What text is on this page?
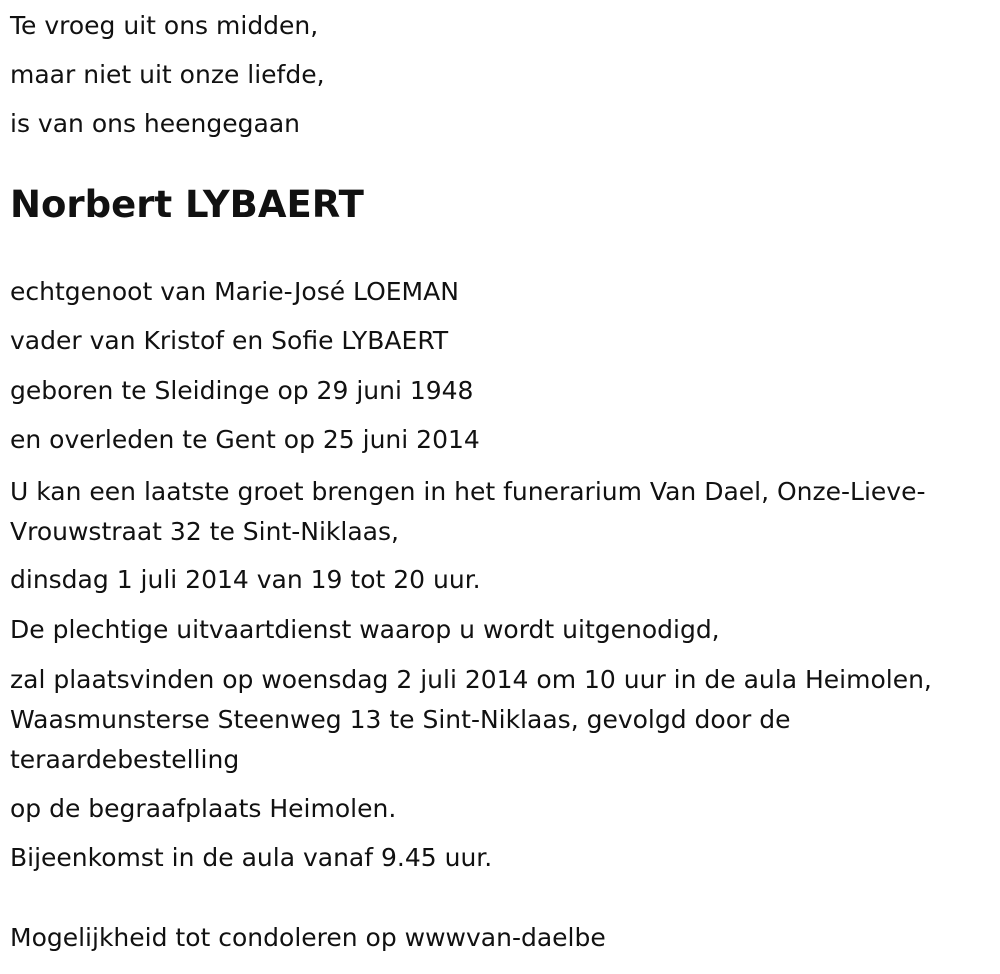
Te vroeg uit ons midden,
maar niet uit onze liefde,
is van ons heengegaan
Norbert LYBAERT
echtgenoot van Marie-José LOEMAN
vader van Kristof en Sofie LYBAERT
geboren te Sleidinge op 29 juni 1948
en overleden te Gent op 25 juni 2014
U kan een laatste groet brengen in het funerarium Van Dael, Onze-Lieve-Vrouwstraat 32 te Sint-Niklaas,
dinsdag 1 juli 2014 van 19 tot 20 uur.
De plechtige uitvaartdienst waarop u wordt uitgenodigd,
zal plaatsvinden op woensdag 2 juli 2014 om 10 uur in de aula Heimolen, Waasmunsterse Steenweg 13 te Sint-Niklaas, gevolgd door de teraardebestelling
op de begraafplaats Heimolen.
Bijeenkomst in de aula vanaf 9.45 uur.
Mogelijkheid tot condoleren op wwwvan-daelbe
